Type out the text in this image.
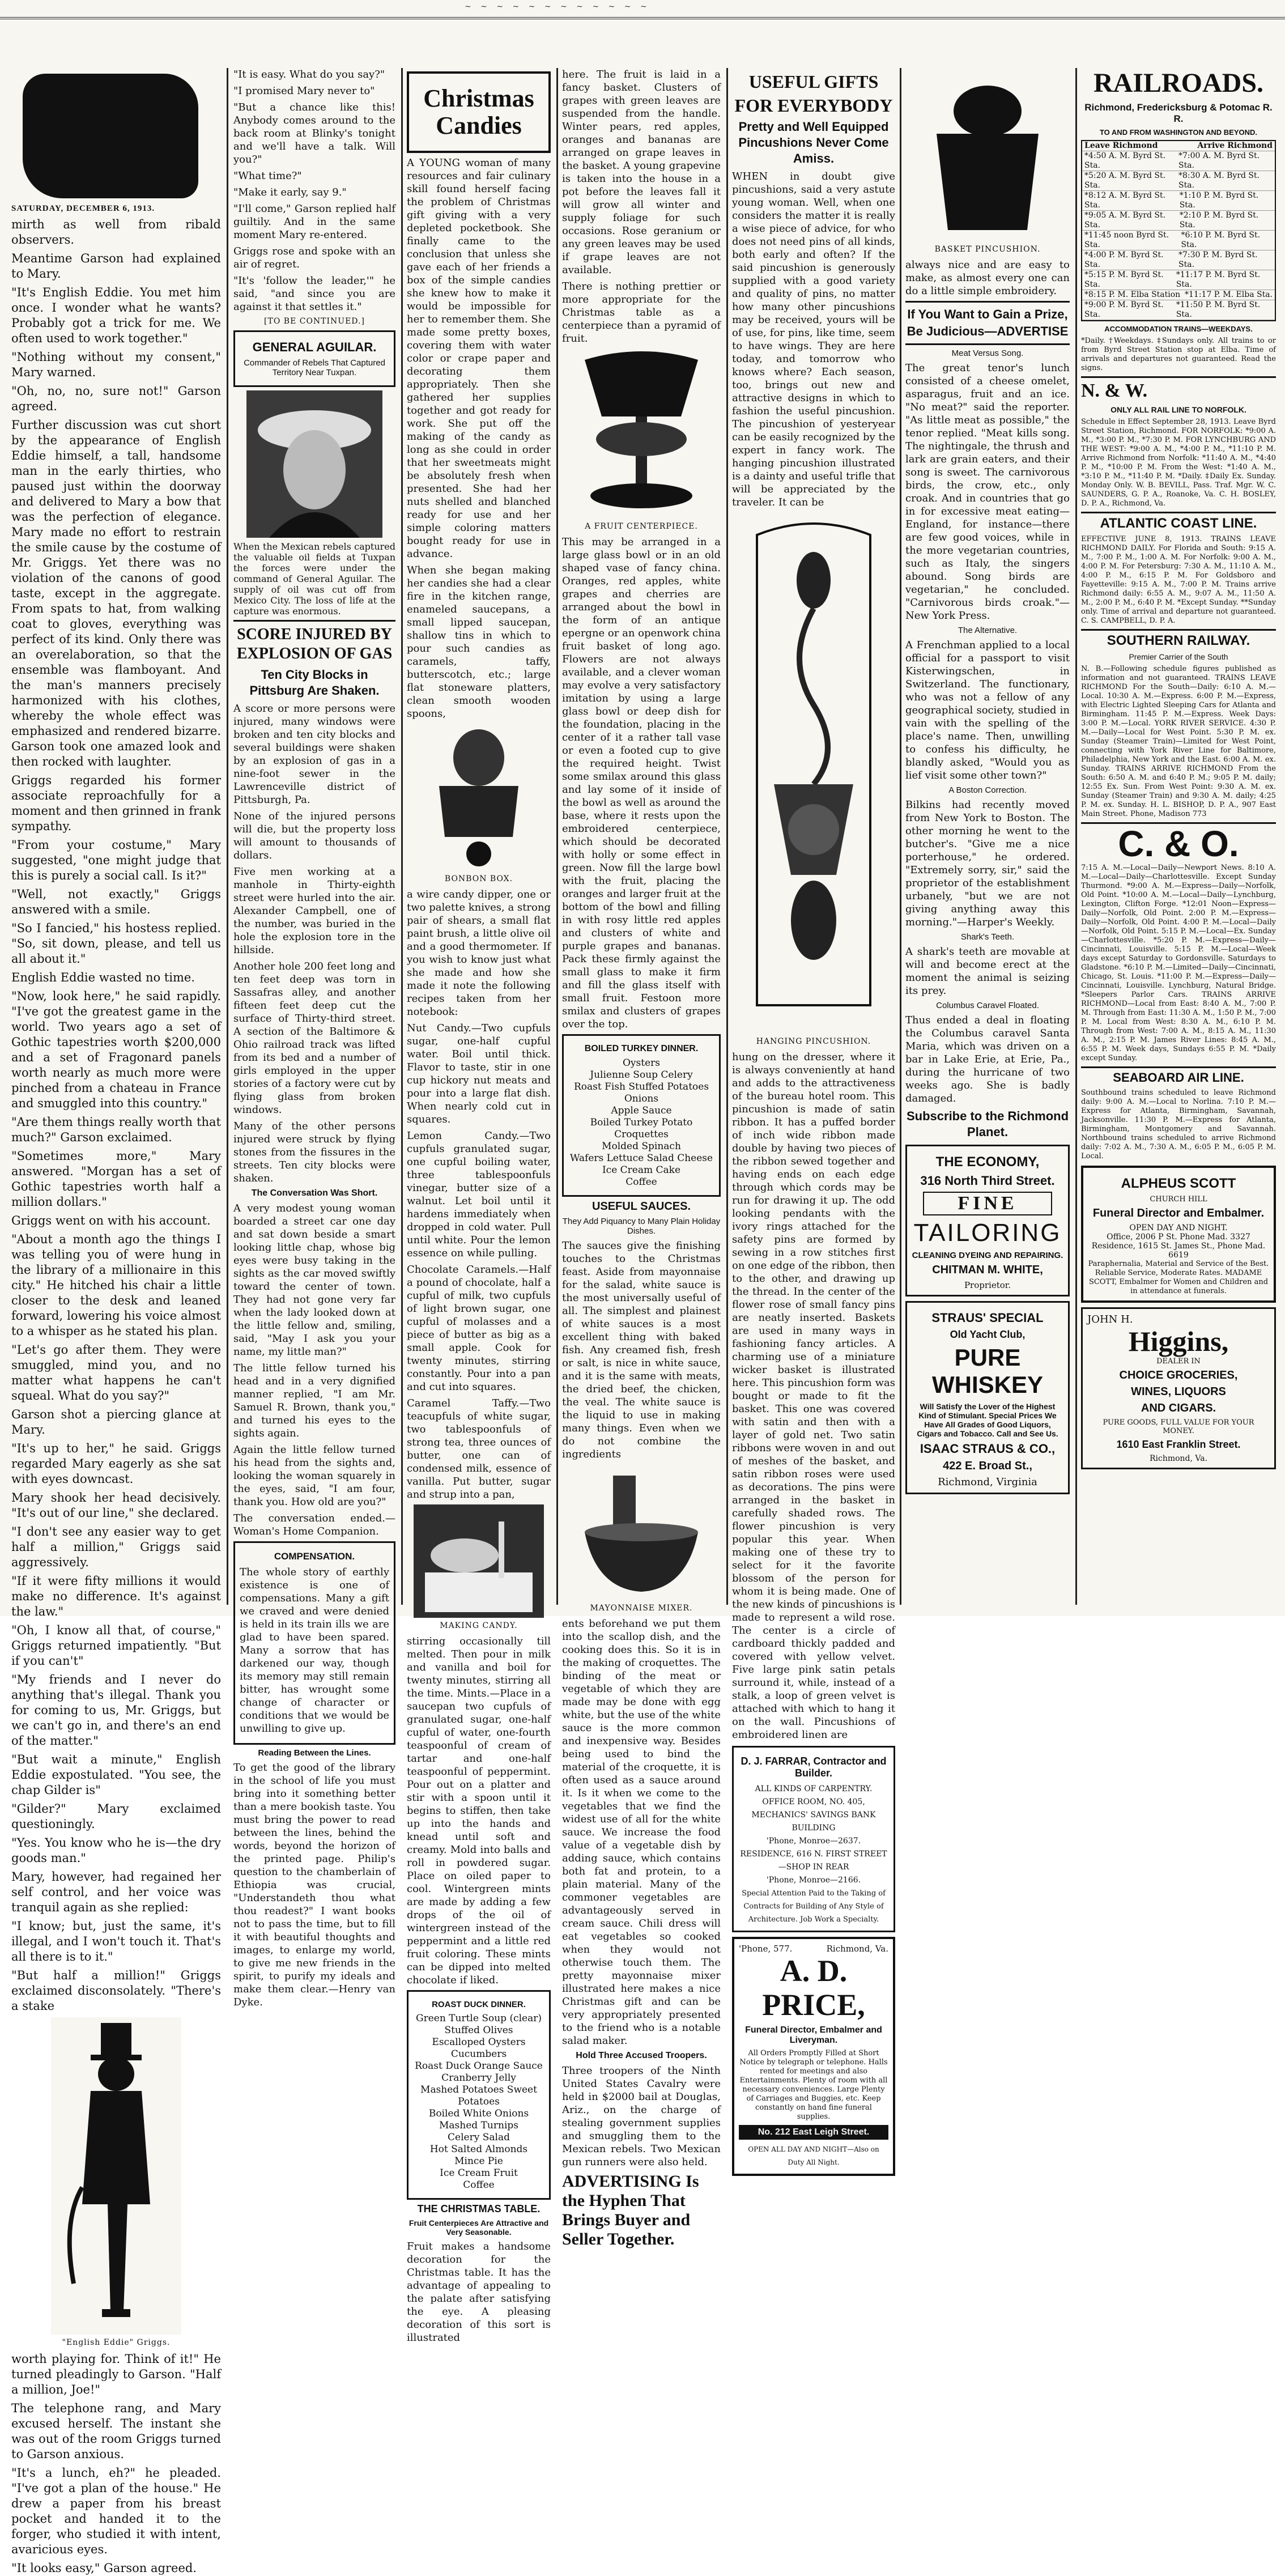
~ ~ ~ ~ ~ ~ ~ ~ ~ ~ ~ ~
SATURDAY, DECEMBER 6, 1913.
mirth as well from ribald observers.
Meantime Garson had explained to Mary.
"It's English Eddie. You met him once. I wonder what he wants? Probably got a trick for me. We often used to work together."
"Nothing without my consent," Mary warned.
"Oh, no, no, sure not!" Garson agreed.
Further discussion was cut short by the appearance of English Eddie himself, a tall, handsome man in the early thirties, who paused just within the doorway and delivered to Mary a bow that was the perfection of elegance. Mary made no effort to restrain the smile cause by the costume of Mr. Griggs. Yet there was no violation of the canons of good taste, except in the aggregate. From spats to hat, from walking coat to gloves, everything was perfect of its kind. Only there was an overelaboration, so that the ensemble was flamboyant. And the man's manners precisely harmonized with his clothes, whereby the whole effect was emphasized and rendered bizarre. Garson took one amazed look and then rocked with laughter.
Griggs regarded his former associate reproachfully for a moment and then grinned in frank sympathy.
"From your costume," Mary suggested, "one might judge that this is purely a social call. Is it?"
"Well, not exactly," Griggs answered with a smile.
"So I fancied," his hostess replied. "So, sit down, please, and tell us all about it."
English Eddie wasted no time.
"Now, look here," he said rapidly. "I've got the greatest game in the world. Two years ago a set of Gothic tapestries worth $200,000 and a set of Fragonard panels worth nearly as much more were pinched from a chateau in France and smuggled into this country."
"Are them things really worth that much?" Garson exclaimed.
"Sometimes more," Mary answered. "Morgan has a set of Gothic tapestries worth half a million dollars."
Griggs went on with his account.
"About a month ago the things I was telling you of were hung in the library of a millionaire in this city." He hitched his chair a little closer to the desk and leaned forward, lowering his voice almost to a whisper as he stated his plan.
"Let's go after them. They were smuggled, mind you, and no matter what happens he can't squeal. What do you say?"
Garson shot a piercing glance at Mary.
"It's up to her," he said. Griggs regarded Mary eagerly as she sat with eyes downcast.
Mary shook her head decisively. "It's out of our line," she declared.
"I don't see any easier way to get half a million," Griggs said aggressively.
"If it were fifty millions it would make no difference. It's against the law."
"Oh, I know all that, of course," Griggs returned impatiently. "But if you can't"
"My friends and I never do anything that's illegal. Thank you for coming to us, Mr. Griggs, but we can't go in, and there's an end of the matter."
"But wait a minute," English Eddie expostulated. "You see, the chap Gilder is"
"Gilder?" Mary exclaimed questioningly.
"Yes. You know who he is—the dry goods man."
Mary, however, had regained her self control, and her voice was tranquil again as she replied:
"I know; but, just the same, it's illegal, and I won't touch it. That's all there is to it."
"But half a million!" Griggs exclaimed disconsolately. "There's a stake
"English Eddie" Griggs.
worth playing for. Think of it!" He turned pleadingly to Garson. "Half a million, Joe!"
The telephone rang, and Mary excused herself. The instant she was out of the room Griggs turned to Garson anxious.
"It's a lunch, eh?" he pleaded. "I've got a plan of the house." He drew a paper from his breast pocket and handed it to the forger, who studied it with intent, avaricious eyes.
"It looks easy," Garson agreed.
"It is easy. What do you say?"
"I promised Mary never to"
"But a chance like this! Anybody comes around to the back room at Blinky's tonight and we'll have a talk. Will you?"
"What time?"
"Make it early, say 9."
"I'll come," Garson replied half guiltily. And in the same moment Mary re-entered.
Griggs rose and spoke with an air of regret.
"It's 'follow the leader,'" he said, "and since you are against it that settles it."
[TO BE CONTINUED.]
GENERAL AGUILAR.
Commander of Rebels That Captured Territory Near Tuxpan.
When the Mexican rebels captured the valuable oil fields at Tuxpan the forces were under the command of General Aguilar. The supply of oil was cut off from Mexico City. The loss of life at the capture was enormous.
SCORE INJURED BY EXPLOSION OF GAS
Ten City Blocks in Pittsburg Are Shaken.
A score or more persons were injured, many windows were broken and ten city blocks and several buildings were shaken by an explosion of gas in a nine-foot sewer in the Lawrenceville district of Pittsburgh, Pa.
None of the injured persons will die, but the property loss will amount to thousands of dollars.
Five men working at a manhole in Thirty-eighth street were hurled into the air. Alexander Campbell, one of the number, was buried in the hole the explosion tore in the hillside.
Another hole 200 feet long and ten feet deep was torn in Sassafras alley, and another fifteen feet deep cut the surface of Thirty-third street. A section of the Baltimore & Ohio railroad track was lifted from its bed and a number of girls employed in the upper stories of a factory were cut by flying glass from broken windows.
Many of the other persons injured were struck by flying stones from the fissures in the streets. Ten city blocks were shaken.
The Conversation Was Short.
A very modest young woman boarded a street car one day and sat down beside a smart looking little chap, whose big eyes were busy taking in the sights as the car moved swiftly toward the center of town. They had not gone very far when the lady looked down at the little fellow and, smiling, said, "May I ask you your name, my little man?"
The little fellow turned his head and in a very dignified manner replied, "I am Mr. Samuel R. Brown, thank you," and turned his eyes to the sights again.
Again the little fellow turned his head from the sights and, looking the woman squarely in the eyes, said, "I am four, thank you. How old are you?"
The conversation ended.—Woman's Home Companion.
COMPENSATION.
The whole story of earthly existence is one of compensations. Many a gift we craved and were denied is held in its train ills we are glad to have been spared. Many a sorrow that has darkened our way, though its memory may still remain bitter, has wrought some change of character or conditions that we would be unwilling to give up.
Reading Between the Lines.
To get the good of the library in the school of life you must bring into it something better than a mere bookish taste. You must bring the power to read between the lines, behind the words, beyond the horizon of the printed page. Philip's question to the chamberlain of Ethiopia was crucial, "Understandeth thou what thou readest?" I want books not to pass the time, but to fill it with beautiful thoughts and images, to enlarge my world, to give me new friends in the spirit, to purify my ideals and make them clear.—Henry van Dyke.
Christmas Candies
A YOUNG woman of many resources and fair culinary skill found herself facing the problem of Christmas gift giving with a very depleted pocketbook. She finally came to the conclusion that unless she gave each of her friends a box of the simple candies she knew how to make it would be impossible for her to remember them. She made some pretty boxes, covering them with water color or crape paper and decorating them appropriately. Then she gathered her supplies together and got ready for work. She put off the making of the candy as long as she could in order that her sweetmeats might be absolutely fresh when presented. She had her nuts shelled and blanched ready for use and her simple coloring matters bought ready for use in advance.
When she began making her candies she had a clear fire in the kitchen range, enameled saucepans, a small lipped saucepan, shallow tins in which to pour such candies as caramels, taffy, butterscotch, etc.; large flat stoneware platters, clean smooth wooden spoons,
BONBON BOX.
a wire candy dipper, one or two palette knives, a strong pair of shears, a small flat paint brush, a little olive oil and a good thermometer. If you wish to know just what she made and how she made it note the following recipes taken from her notebook:
Nut Candy.—Two cupfuls sugar, one-half cupful water. Boil until thick. Flavor to taste, stir in one cup hickory nut meats and pour into a large flat dish. When nearly cold cut in squares.
Lemon Candy.—Two cupfuls granulated sugar, one cupful boiling water, three tablespoonfuls vinegar, butter size of a walnut. Let boil until it hardens immediately when dropped in cold water. Pull until white. Pour the lemon essence on while pulling.
Chocolate Caramels.—Half a pound of chocolate, half a cupful of milk, two cupfuls of light brown sugar, one cupful of molasses and a piece of butter as big as a small apple. Cook for twenty minutes, stirring constantly. Pour into a pan and cut into squares.
Caramel Taffy.—Two teacupfuls of white sugar, two tablespoonfuls of strong tea, three ounces of butter, one can of condensed milk, essence of vanilla. Put butter, sugar and strup into a pan,
MAKING CANDY.
stirring occasionally till melted. Then pour in milk and vanilla and boil for twenty minutes, stirring all the time. Mints.—Place in a saucepan two cupfuls of granulated sugar, one-half cupful of water, one-fourth teaspoonful of cream of tartar and one-half teaspoonful of peppermint. Pour out on a platter and stir with a spoon until it begins to stiffen, then take up into the hands and knead until soft and creamy. Mold into balls and roll in powdered sugar. Place on oiled paper to cool. Wintergreen mints are made by adding a few drops of the oil of wintergreen instead of the peppermint and a little red fruit coloring. These mints can be dipped into melted chocolate if liked.
ROAST DUCK DINNER.
Green Turtle Soup (clear)
Stuffed Olives
Escalloped Oysters Cucumbers
Roast Duck Orange Sauce
Cranberry Jelly
Mashed Potatoes Sweet Potatoes
Boiled White Onions
Mashed Turnips
Celery Salad
Hot Salted Almonds
Mince Pie
Ice Cream Fruit
Coffee
THE CHRISTMAS TABLE.
Fruit Centerpieces Are Attractive and Very Seasonable.
Fruit makes a handsome decoration for the Christmas table. It has the advantage of appealing to the palate after satisfying the eye. A pleasing decoration of this sort is illustrated
here. The fruit is laid in a fancy basket. Clusters of grapes with green leaves are suspended from the handle. Winter pears, red apples, oranges and bananas are arranged on grape leaves in the basket. A young grapevine is taken into the house in a pot before the leaves fall it will grow all winter and supply foliage for such occasions. Rose geranium or any green leaves may be used if grape leaves are not available.
There is nothing prettier or more appropriate for the Christmas table as a centerpiece than a pyramid of fruit.
A FRUIT CENTERPIECE.
This may be arranged in a large glass bowl or in an old shaped vase of fancy china. Oranges, red apples, white grapes and cherries are arranged about the bowl in the form of an antique epergne or an openwork china fruit basket of long ago. Flowers are not always available, and a clever woman may evolve a very satisfactory imitation by using a large glass bowl or deep dish for the foundation, placing in the center of it a rather tall vase or even a footed cup to give the required height. Twist some smilax around this glass and lay some of it inside of the bowl as well as around the base, where it rests upon the embroidered centerpiece, which should be decorated with holly or some effect in green. Now fill the large bowl with the fruit, placing the oranges and larger fruit at the bottom of the bowl and filling in with rosy little red apples and clusters of white and purple grapes and bananas. Pack these firmly against the small glass to make it firm and fill the glass itself with small fruit. Festoon more smilax and clusters of grapes over the top.
BOILED TURKEY DINNER.
Oysters
Julienne Soup Celery
Roast Fish Stuffed Potatoes Onions
Apple Sauce
Boiled Turkey Potato Croquettes
Molded Spinach
Wafers Lettuce Salad Cheese
Ice Cream Cake
Coffee
USEFUL SAUCES.
They Add Piquancy to Many Plain Holiday Dishes.
The sauces give the finishing touches to the Christmas feast. Aside from mayonnaise for the salad, white sauce is the most universally useful of all. The simplest and plainest of white sauces is a most excellent thing with baked fish. Any creamed fish, fresh or salt, is nice in white sauce, and it is the same with meats, the dried beef, the chicken, the veal. The white sauce is the liquid to use in making many things. Even when we do not combine the ingredients
MAYONNAISE MIXER.
ents beforehand we put them into the scallop dish, and the cooking does this. So it is in the making of croquettes. The binding of the meat or vegetable of which they are made may be done with egg white, but the use of the white sauce is the more common and inexpensive way. Besides being used to bind the material of the croquette, it is often used as a sauce around it. Is it when we come to the vegetables that we find the widest use of all for the white sauce. We increase the food value of a vegetable dish by adding sauce, which contains both fat and protein, to a plain material. Many of the commoner vegetables are advantageously served in cream sauce. Chili dress will eat vegetables so cooked when they would not otherwise touch them. The pretty mayonnaise mixer illustrated here makes a nice Christmas gift and can be very appropriately presented to the friend who is a notable salad maker.
Hold Three Accused Troopers.
Three troopers of the Ninth United States Cavalry were held in $2000 bail at Douglas, Ariz., on the charge of stealing government supplies and smuggling them to the Mexican rebels. Two Mexican gun runners were also held.
ADVERTISING Is the Hyphen That Brings Buyer and Seller Together.
USEFUL GIFTS
FOR EVERYBODY
Pretty and Well Equipped Pincushions Never Come Amiss.
WHEN in doubt give pincushions, said a very astute young woman. Well, when one considers the matter it is really a wise piece of advice, for who does not need pins of all kinds, both early and often? If the said pincushion is generously supplied with a good variety and quality of pins, no matter how many other pincushions may be received, yours will be of use, for pins, like time, seem to have wings. They are here today, and tomorrow who knows where? Each season, too, brings out new and attractive designs in which to fashion the useful pincushion. The pincushion of yesteryear can be easily recognized by the expert in fancy work. The hanging pincushion illustrated is a dainty and useful trifle that will be appreciated by the traveler. It can be
HANGING PINCUSHION.
hung on the dresser, where it is always conveniently at hand and adds to the attractiveness of the bureau hotel room. This pincushion is made of satin ribbon. It has a puffed border of inch wide ribbon made double by having two pieces of the ribbon sewed together and having ends on each edge through which cords may be run for drawing it up. The odd looking pendants with the ivory rings attached for the safety pins are formed by sewing in a row stitches first on one edge of the ribbon, then to the other, and drawing up the thread. In the center of the flower rose of small fancy pins are neatly inserted. Baskets are used in many ways in fashioning fancy articles. A charming use of a miniature wicker basket is illustrated here. This pincushion form was bought or made to fit the basket. This one was covered with satin and then with a layer of gold net. Two satin ribbons were woven in and out of meshes of the basket, and satin ribbon roses were used as decorations. The pins were arranged in the basket in carefully shaded rows. The flower pincushion is very popular this year. When making one of these try to select for it the favorite blossom of the person for whom it is being made. One of the new kinds of pincushions is made to represent a wild rose. The center is a circle of cardboard thickly padded and covered with yellow velvet. Five large pink satin petals surround it, while, instead of a stalk, a loop of green velvet is attached with which to hang it on the wall. Pincushions of embroidered linen are
D. J. FARRAR, Contractor and Builder.
ALL KINDS OF CARPENTRY.
OFFICE ROOM, NO. 405, MECHANICS' SAVINGS BANK BUILDING
'Phone, Monroe—2637.
RESIDENCE, 616 N. FIRST STREET—SHOP IN REAR
'Phone, Monroe—2166.
Special Attention Paid to the Taking of Contracts for Building of Any Style of Architecture. Job Work a Specialty.
'Phone, 577.	Richmond, Va.
A. D. PRICE,
Funeral Director, Embalmer and Liveryman.
All Orders Promptly Filled at Short Notice by telegraph or telephone. Halls rented for meetings and also Entertainments. Plenty of room with all necessary conveniences. Large Plenty of Carriages and Buggies, etc. Keep constantly on hand fine funeral supplies.
No. 212 East Leigh Street.
OPEN ALL DAY AND NIGHT—Also on Duty All Night.
BASKET PINCUSHION.
always nice and are easy to make, as almost every one can do a little simple embroidery.
If You Want to Gain a Prize, Be Judicious—ADVERTISE
Meat Versus Song.
The great tenor's lunch consisted of a cheese omelet, asparagus, fruit and an ice. "No meat?" said the reporter. "As little meat as possible," the tenor replied. "Meat kills song. The nightingale, the thrush and lark are grain eaters, and their song is sweet. The carnivorous birds, the crow, etc., only croak. And in countries that go in for excessive meat eating—England, for instance—there are few good voices, while in the more vegetarian countries, such as Italy, the singers abound. Song birds are vegetarian," he concluded. "Carnivorous birds croak."—New York Press.
The Alternative.
A Frenchman applied to a local official for a passport to visit Kisterwingschen, in Switzerland. The functionary, who was not a fellow of any geographical society, studied in vain with the spelling of the place's name. Then, unwilling to confess his difficulty, he blandly asked, "Would you as lief visit some other town?"
A Boston Correction.
Bilkins had recently moved from New York to Boston. The other morning he went to the butcher's. "Give me a nice porterhouse," he ordered. "Extremely sorry, sir," said the proprietor of the establishment urbanely, "but we are not giving anything away this morning."—Harper's Weekly.
Shark's Teeth.
A shark's teeth are movable at will and become erect at the moment the animal is seizing its prey.
Columbus Caravel Floated.
Thus ended a deal in floating the Columbus caravel Santa Maria, which was driven on a bar in Lake Erie, at Erie, Pa., during the hurricane of two weeks ago. She is badly damaged.
Subscribe to the Richmond Planet.
THE ECONOMY,
316 North Third Street.
FINE
TAILORING
CLEANING DYEING AND REPAIRING.
CHITMAN M. WHITE,
Proprietor.
STRAUS' SPECIAL
Old Yacht Club,
PURE WHISKEY
Will Satisfy the Lover of the Highest Kind of Stimulant. Special Prices We Have All Grades of Good Liquors, Cigars and Tobacco. Call and See Us.
ISAAC STRAUS & CO.,
422 E. Broad St.,
Richmond, Virginia
RAILROADS.
Richmond, Fredericksburg & Potomac R. R.
TO AND FROM WASHINGTON AND BEYOND.
Leave Richmond	Arrive Richmond
*4:50 A. M. Byrd St. Sta.
*7:00 A. M. Byrd St. Sta.
*5:20 A. M. Byrd St. Sta.
*8:30 A. M. Byrd St. Sta.
*8:12 A. M. Byrd St. Sta.
*1:10 P. M. Byrd St. Sta.
*9:05 A. M. Byrd St. Sta.
*2:10 P. M. Byrd St. Sta.
*11:45 noon Byrd St. Sta.
*6:10 P. M. Byrd St. Sta.
*4:00 P. M. Byrd St. Sta.
*7:30 P. M. Byrd St. Sta.
*5:15 P. M. Byrd St. Sta.
*11:17 P. M. Byrd St. Sta.
*8:15 P. M. Elba Station *11:17 P. M. Elba Sta.
*9:00 P. M. Byrd St. Sta.
*11:50 P. M. Byrd St. Sta.
ACCOMMODATION TRAINS—WEEKDAYS.
*Daily. †Weekdays. ‡Sundays only. All trains to or from Byrd Street Station stop at Elba. Time of arrivals and departures not guaranteed. Read the signs.
N. & W.
ONLY ALL RAIL LINE TO NORFOLK.
Schedule in Effect September 28, 1913. Leave Byrd Street Station, Richmond. FOR NORFOLK: *9:00 A. M., *3:00 P. M., *7:30 P. M. FOR LYNCHBURG AND THE WEST: *9:00 A. M., *4:00 P. M., *11:10 P. M. Arrive Richmond from Norfolk: *11:40 A. M., *4:40 P. M., *10:00 P. M. From the West: *1:40 A. M., *3:10 P. M., *11:40 P. M. *Daily. ‡Daily Ex. Sunday. Monday Only. W. B. BEVILL, Pass. Traf. Mgr. W. C. SAUNDERS, G. P. A., Roanoke, Va. C. H. BOSLEY, D. P. A., Richmond, Va.
ATLANTIC COAST LINE.
EFFECTIVE JUNE 8, 1913. TRAINS LEAVE RICHMOND DAILY. For Florida and South: 9:15 A. M., 7:00 P. M., 1:00 A. M. For Norfolk: 9:00 A. M., 4:00 P. M. For Petersburg: 7:30 A. M., 11:10 A. M., 4:00 P. M., 6:15 P. M. For Goldsboro and Fayetteville: 9:15 A. M., 7:00 P. M. Trains arrive Richmond daily: 6:55 A. M., 9:07 A. M., 11:50 A. M., 2:00 P. M., 6:40 P. M. *Except Sunday. **Sunday only. Time of arrival and departure not guaranteed. C. S. CAMPBELL, D. P. A.
SOUTHERN RAILWAY.
Premier Carrier of the South
N. B.—Following schedule figures published as information and not guaranteed. TRAINS LEAVE RICHMOND For the South—Daily: 6:10 A. M.—Local. 10:30 A. M.—Express. 6:00 P. M.—Express, with Electric Lighted Sleeping Cars for Atlanta and Birmingham. 11:45 P. M.—Express. Week Days: 3:00 P. M.—Local. YORK RIVER SERVICE. 4:30 P. M.—Daily—Local for West Point. 5:30 P. M. ex. Sunday (Steamer Train)—Limited for West Point, connecting with York River Line for Baltimore, Philadelphia, New York and the East. 6:00 A. M. ex. Sunday. TRAINS ARRIVE RICHMOND From the South: 6:50 A. M. and 6:40 P. M.; 9:05 P. M. daily; 12:55 Ex. Sun. From West Point: 9:30 A. M. ex. Sunday (Steamer Train) and 9:30 A. M. daily; 4:25 P. M. ex. Sunday. H. L. BISHOP, D. P. A., 907 East Main Street. Phone, Madison 773
C. & O.
7:15 A. M.—Local—Daily—Newport News. 8:10 A. M.—Local—Daily—Charlottesville. Except Sunday Thurmond. *9:00 A. M.—Express—Daily—Norfolk, Old Point. *10:00 A. M.—Local—Daily—Lynchburg, Lexington, Clifton Forge. *12:01 Noon—Express—Daily—Norfolk, Old Point. 2:00 P. M.—Express—Daily—Norfolk, Old Point. 4:00 P. M.—Local—Daily—Norfolk, Old Point. 5:15 P. M.—Local—Ex. Sunday—Charlottesville. *5:20 P. M.—Express—Daily—Cincinnati, Louisville. 5:15 P. M.—Local—Week days except Saturday to Gordonsville. Saturdays to Gladstone. *6:10 P. M.—Limited—Daily—Cincinnati, Chicago, St. Louis. *11:00 P. M.—Express—Daily—Cincinnati, Louisville. Lynchburg, Natural Bridge. *Sleepers Parlor Cars. TRAINS ARRIVE RICHMOND—Local from East: 8:40 A. M., 7:00 P. M. Through from East: 11:30 A. M., 1:50 P. M., 7:00 P. M. Local from West: 8:30 A. M., 6:10 P. M. Through from West: 7:00 A. M., 8:15 A. M., 11:30 A. M., 2:15 P. M. James River Lines: 8:45 A. M., 6:55 P. M. Week days, Sundays 6:55 P. M. *Daily except Sunday.
SEABOARD AIR LINE.
Southbound trains scheduled to leave Richmond daily: 9:00 A. M.—Local to Norlina. 7:10 P. M.—Express for Atlanta, Birmingham, Savannah, Jacksonville. 11:30 P. M.—Express for Atlanta, Birmingham, Montgomery and Savannah. Northbound trains scheduled to arrive Richmond daily: 7:02 A. M., 7:30 A. M., 6:05 P. M., 6:05 P. M. Local.
ALPHEUS SCOTT
CHURCH HILL
Funeral Director and Embalmer.
OPEN DAY AND NIGHT.
Office, 2006 P St. Phone Mad. 3327
Residence, 1615 St. James St., Phone Mad. 6619
Paraphernalia, Material and Service of the Best. Reliable Service, Moderate Rates. MADAME SCOTT, Embalmer for Women and Children and in attendance at funerals.
JOHN H.
Higgins,
DEALER IN
CHOICE GROCERIES,
WINES, LIQUORS
AND CIGARS.
PURE GOODS, FULL VALUE FOR YOUR MONEY.
1610 East Franklin Street.
Richmond, Va.
